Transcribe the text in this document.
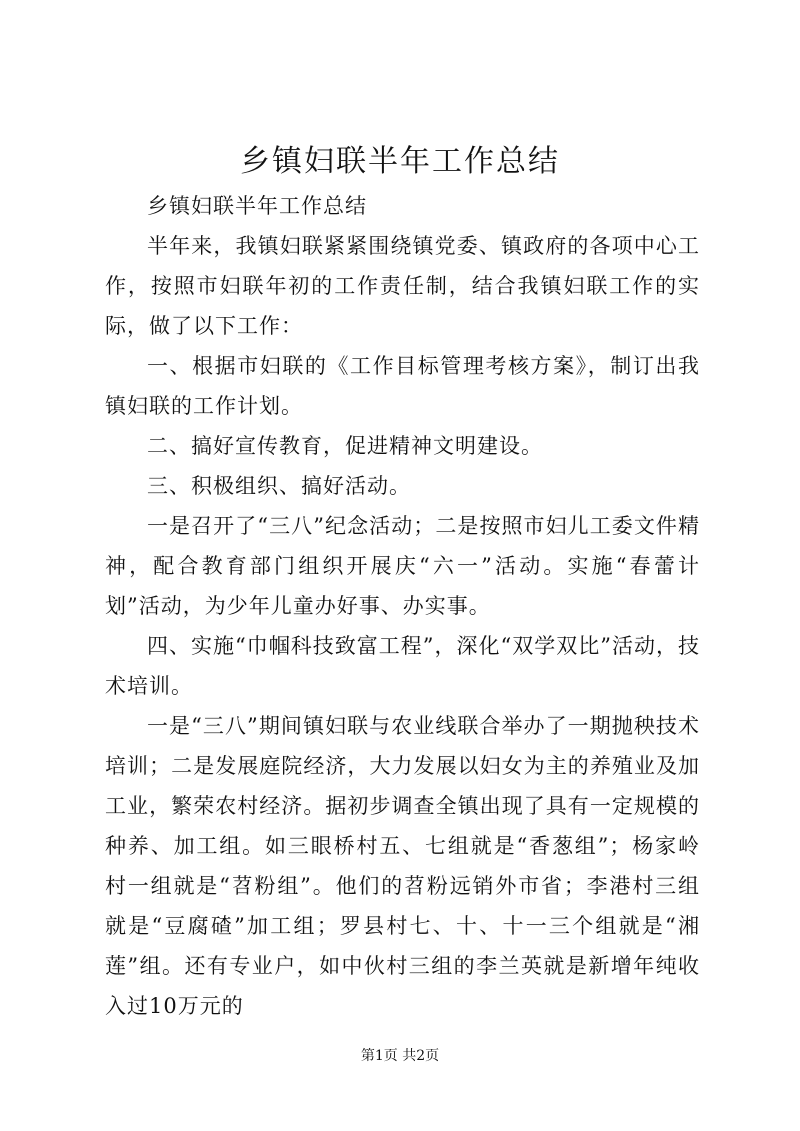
乡镇妇联半年工作总结

乡镇妇联半年工作总结

半年来，我镇妇联紧紧围绕镇党委、镇政府的各项中心工作，按照市妇联年初的工作责任制，结合我镇妇联工作的实际，做了以下工作：

一、根据市妇联的《工作目标管理考核方案》，制订出我镇妇联的工作计划。

二、搞好宣传教育，促进精神文明建设。

三、积极组织、搞好活动。

一是召开了“三八”纪念活动；二是按照市妇儿工委文件精神，配合教育部门组织开展庆“六一”活动。实施“春蕾计划”活动，为少年儿童办好事、办实事。

四、实施“巾帼科技致富工程”，深化“双学双比”活动，技术培训。

一是“三八”期间镇妇联与农业线联合举办了一期抛秧技术培训；二是发展庭院经济，大力发展以妇女为主的养殖业及加工业，繁荣农村经济。据初步调查全镇出现了具有一定规模的种养、加工组。如三眼桥村五、七组就是“香葱组”；杨家岭村一组就是“苕粉组”。他们的苕粉远销外市省；李港村三组就是“豆腐碴”加工组；罗县村七、十、十一三个组就是“湘莲”组。还有专业户，如中伙村三组的李兰英就是新增年纯收入过10万元的

第1页 共2页
